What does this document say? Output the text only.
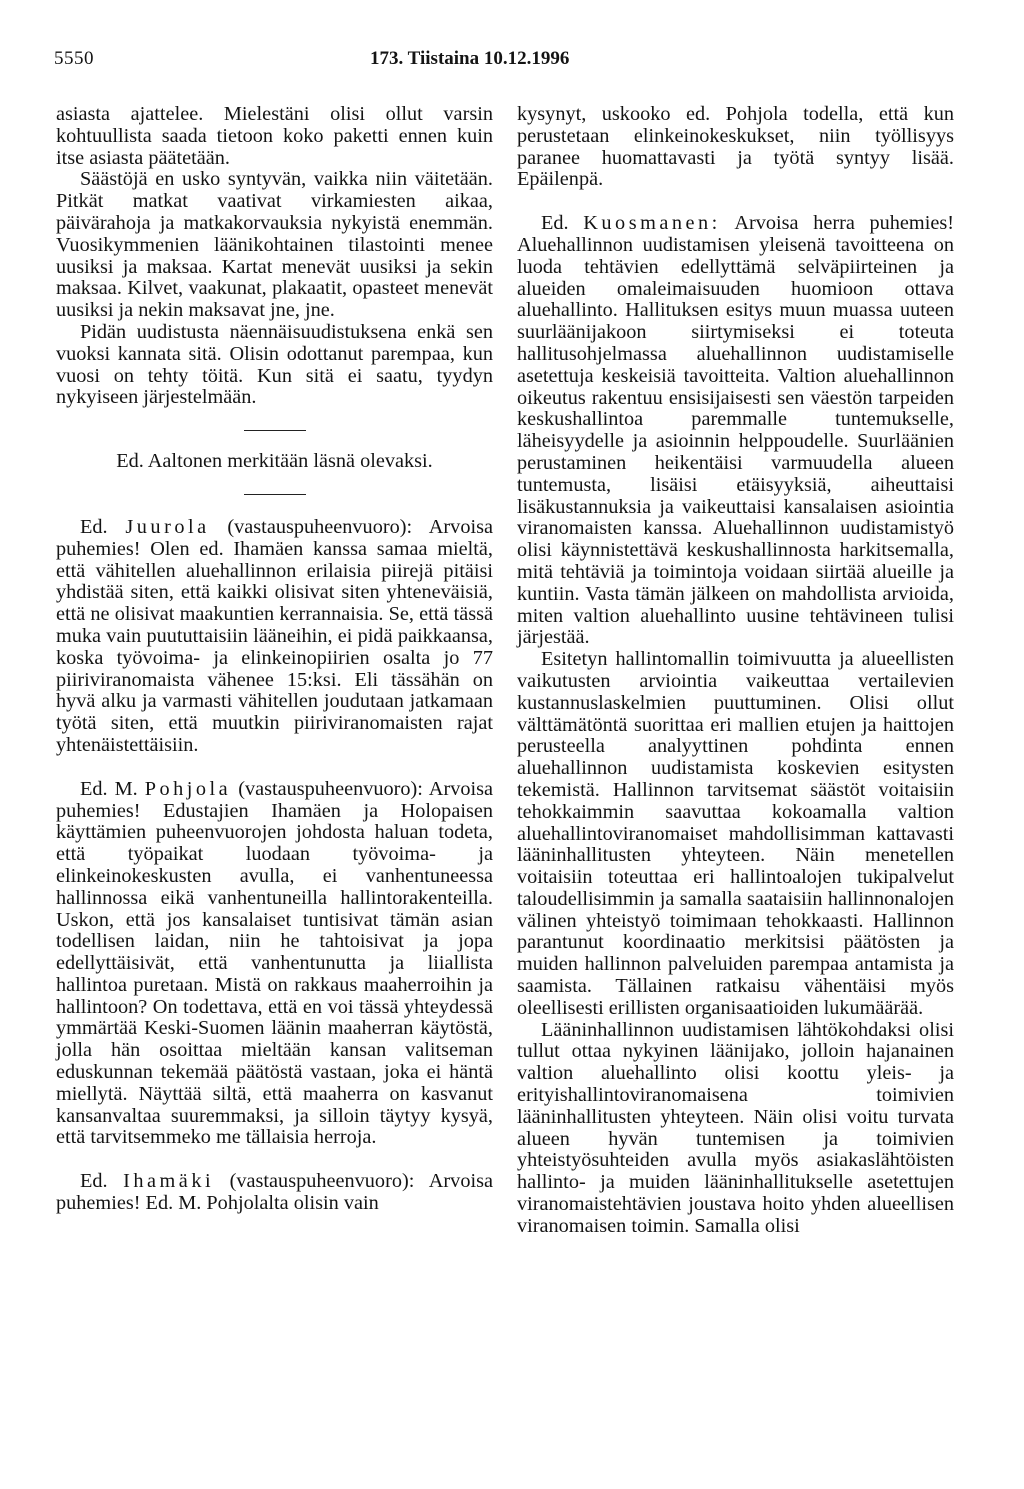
5550	173. Tiistaina 10.12.1996

asiasta ajattelee. Mielestäni olisi ollut varsin kohtuullista saada tietoon koko paketti ennen kuin itse asiasta päätetään.

Säästöjä en usko syntyvän, vaikka niin väitetään. Pitkät matkat vaativat virkamiesten aikaa, päivärahoja ja matkakorvauksia nykyistä enemmän. Vuosikymmenien läänikohtainen tilastointi menee uusiksi ja maksaa. Kartat menevät uusiksi ja sekin maksaa. Kilvet, vaakunat, plakaatit, opasteet menevät uusiksi ja nekin maksavat jne, jne.

Pidän uudistusta näennäisuudistuksena enkä sen vuoksi kannata sitä. Olisin odottanut parempaa, kun vuosi on tehty töitä. Kun sitä ei saatu, tyydyn nykyiseen järjestelmään.

Ed. Aaltonen merkitään läsnä olevaksi.

Ed. Juurola (vastauspuheenvuoro): Arvoisa puhemies! Olen ed. Ihamäen kanssa samaa mieltä, että vähitellen aluehallinnon erilaisia piirejä pitäisi yhdistää siten, että kaikki olisivat siten yhteneväisiä, että ne olisivat maakuntien kerrannaisia. Se, että tässä muka vain puututtaisiin lääneihin, ei pidä paikkaansa, koska työvoima- ja elinkeinopiirien osalta jo 77 piiriviranomaista vähenee 15:ksi. Eli tässähän on hyvä alku ja varmasti vähitellen joudutaan jatkamaan työtä siten, että muutkin piiriviranomaisten rajat yhtenäistettäisiin.

Ed. M. Pohjola (vastauspuheenvuoro): Arvoisa puhemies! Edustajien Ihamäen ja Holopaisen käyttämien puheenvuorojen johdosta haluan todeta, että työpaikat luodaan työvoima- ja elinkeinokeskusten avulla, ei vanhentuneessa hallinnossa eikä vanhentuneilla hallintorakenteilla. Uskon, että jos kansalaiset tuntisivat tämän asian todellisen laidan, niin he tahtoisivat ja jopa edellyttäisivät, että vanhentunutta ja liiallista hallintoa puretaan. Mistä on rakkaus maaherroihin ja hallintoon? On todettava, että en voi tässä yhteydessä ymmärtää Keski-Suomen läänin maaherran käytöstä, jolla hän osoittaa mieltään kansan valitseman eduskunnan tekemää päätöstä vastaan, joka ei häntä miellytä. Näyttää siltä, että maaherra on kasvanut kansanvaltaa suuremmaksi, ja silloin täytyy kysyä, että tarvitsemmeko me tällaisia herroja.

Ed. Ihamäki (vastauspuheenvuoro): Arvoisa puhemies! Ed. M. Pohjolalta olisin vain

kysynyt, uskooko ed. Pohjola todella, että kun perustetaan elinkeinokeskukset, niin työllisyys paranee huomattavasti ja työtä syntyy lisää. Epäilenpä.

Ed. Kuosmanen: Arvoisa herra puhemies! Aluehallinnon uudistamisen yleisenä tavoitteena on luoda tehtävien edellyttämä selväpiirteinen ja alueiden omaleimaisuuden huomioon ottava aluehallinto. Hallituksen esitys muun muassa uuteen suurläänijakoon siirtymiseksi ei toteuta hallitusohjelmassa aluehallinnon uudistamiselle asetettuja keskeisiä tavoitteita. Valtion aluehallinnon oikeutus rakentuu ensisijaisesti sen väestön tarpeiden keskushallintoa paremmalle tuntemukselle, läheisyydelle ja asioinnin helppoudelle. Suurläänien perustaminen heikentäisi varmuudella alueen tuntemusta, lisäisi etäisyyksiä, aiheuttaisi lisäkustannuksia ja vaikeuttaisi kansalaisen asiointia viranomaisten kanssa. Aluehallinnon uudistamistyö olisi käynnistettävä keskushallinnosta harkitsemalla, mitä tehtäviä ja toimintoja voidaan siirtää alueille ja kuntiin. Vasta tämän jälkeen on mahdollista arvioida, miten valtion aluehallinto uusine tehtävineen tulisi järjestää.

Esitetyn hallintomallin toimivuutta ja alueellisten vaikutusten arviointia vaikeuttaa vertailevien kustannuslaskelmien puuttuminen. Olisi ollut välttämätöntä suorittaa eri mallien etujen ja haittojen perusteella analyyttinen pohdinta ennen aluehallinnon uudistamista koskevien esitysten tekemistä. Hallinnon tarvitsemat säästöt voitaisiin tehokkaimmin saavuttaa kokoamalla valtion aluehallintoviranomaiset mahdollisimman kattavasti lääninhallitusten yhteyteen. Näin menetellen voitaisiin toteuttaa eri hallintoalojen tukipalvelut taloudellisimmin ja samalla saataisiin hallinnonalojen välinen yhteistyö toimimaan tehokkaasti. Hallinnon parantunut koordinaatio merkitsisi päätösten ja muiden hallinnon palveluiden parempaa antamista ja saamista. Tällainen ratkaisu vähentäisi myös oleellisesti erillisten organisaatioiden lukumäärää.

Lääninhallinnon uudistamisen lähtökohdaksi olisi tullut ottaa nykyinen läänijako, jolloin hajanainen valtion aluehallinto olisi koottu yleis- ja erityishallintoviranomaisena toimivien lääninhallitusten yhteyteen. Näin olisi voitu turvata alueen hyvän tuntemisen ja toimivien yhteistyösuhteiden avulla myös asiakaslähtöisten hallinto- ja muiden lääninhallitukselle asetettujen viranomaistehtävien joustava hoito yhden alueellisen viranomaisen toimin. Samalla olisi
